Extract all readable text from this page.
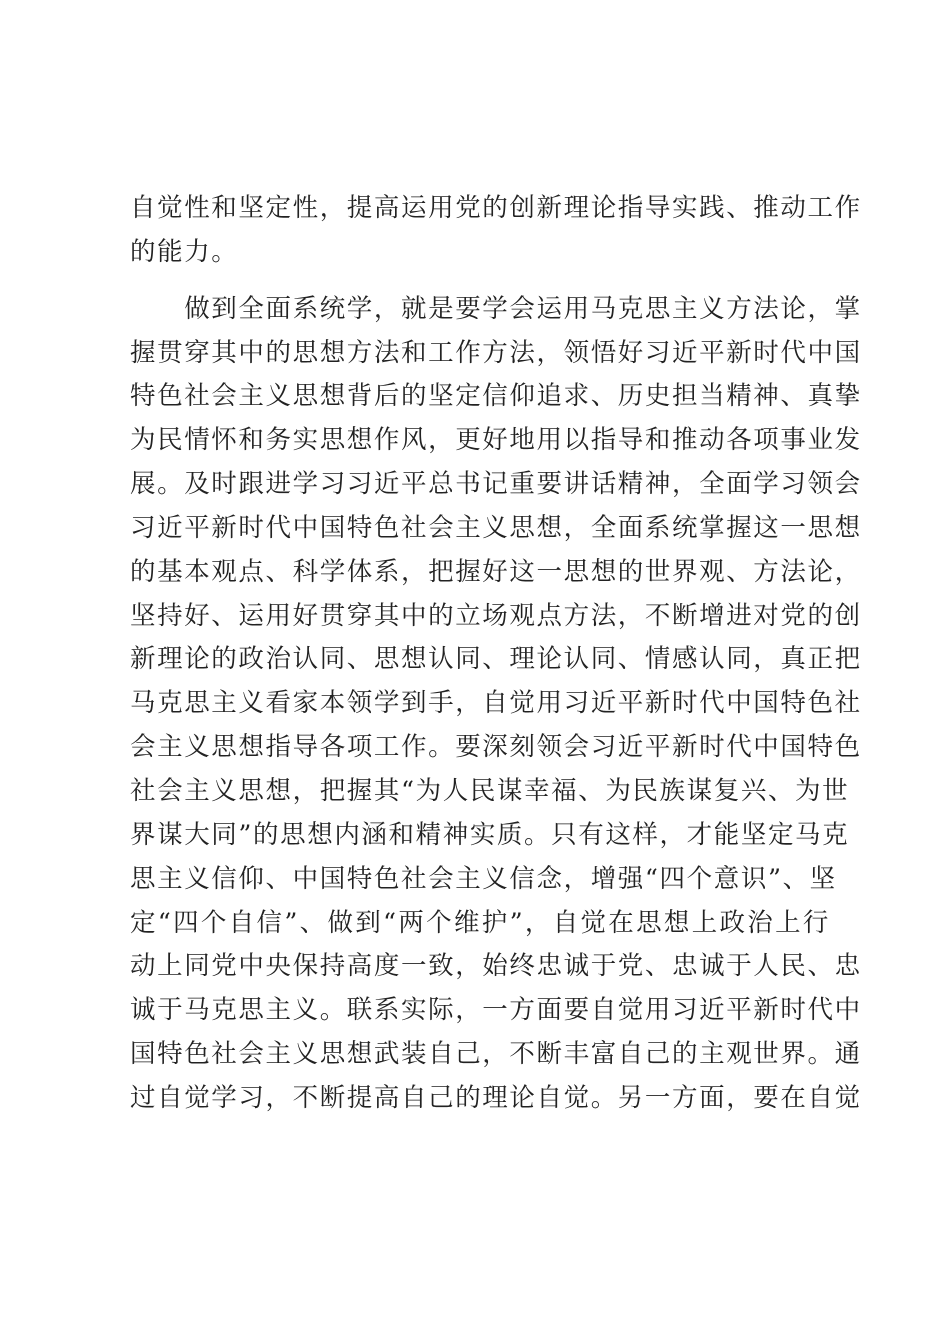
自觉性和坚定性，提高运用党的创新理论指导实践、推动工作
的能力。
　　做到全面系统学，就是要学会运用马克思主义方法论，掌
握贯穿其中的思想方法和工作方法，领悟好习近平新时代中国
特色社会主义思想背后的坚定信仰追求、历史担当精神、真挚
为民情怀和务实思想作风，更好地用以指导和推动各项事业发
展。及时跟进学习习近平总书记重要讲话精神，全面学习领会
习近平新时代中国特色社会主义思想，全面系统掌握这一思想
的基本观点、科学体系，把握好这一思想的世界观、方法论，
坚持好、运用好贯穿其中的立场观点方法，不断增进对党的创
新理论的政治认同、思想认同、理论认同、情感认同，真正把
马克思主义看家本领学到手，自觉用习近平新时代中国特色社
会主义思想指导各项工作。要深刻领会习近平新时代中国特色
社会主义思想，把握其“为人民谋幸福、为民族谋复兴、为世
界谋大同”的思想内涵和精神实质。只有这样，才能坚定马克
思主义信仰、中国特色社会主义信念，增强“四个意识”、坚
定“四个自信”、做到“两个维护”，自觉在思想上政治上行
动上同党中央保持高度一致，始终忠诚于党、忠诚于人民、忠
诚于马克思主义。联系实际，一方面要自觉用习近平新时代中
国特色社会主义思想武装自己，不断丰富自己的主观世界。通
过自觉学习，不断提高自己的理论自觉。另一方面，要在自觉
